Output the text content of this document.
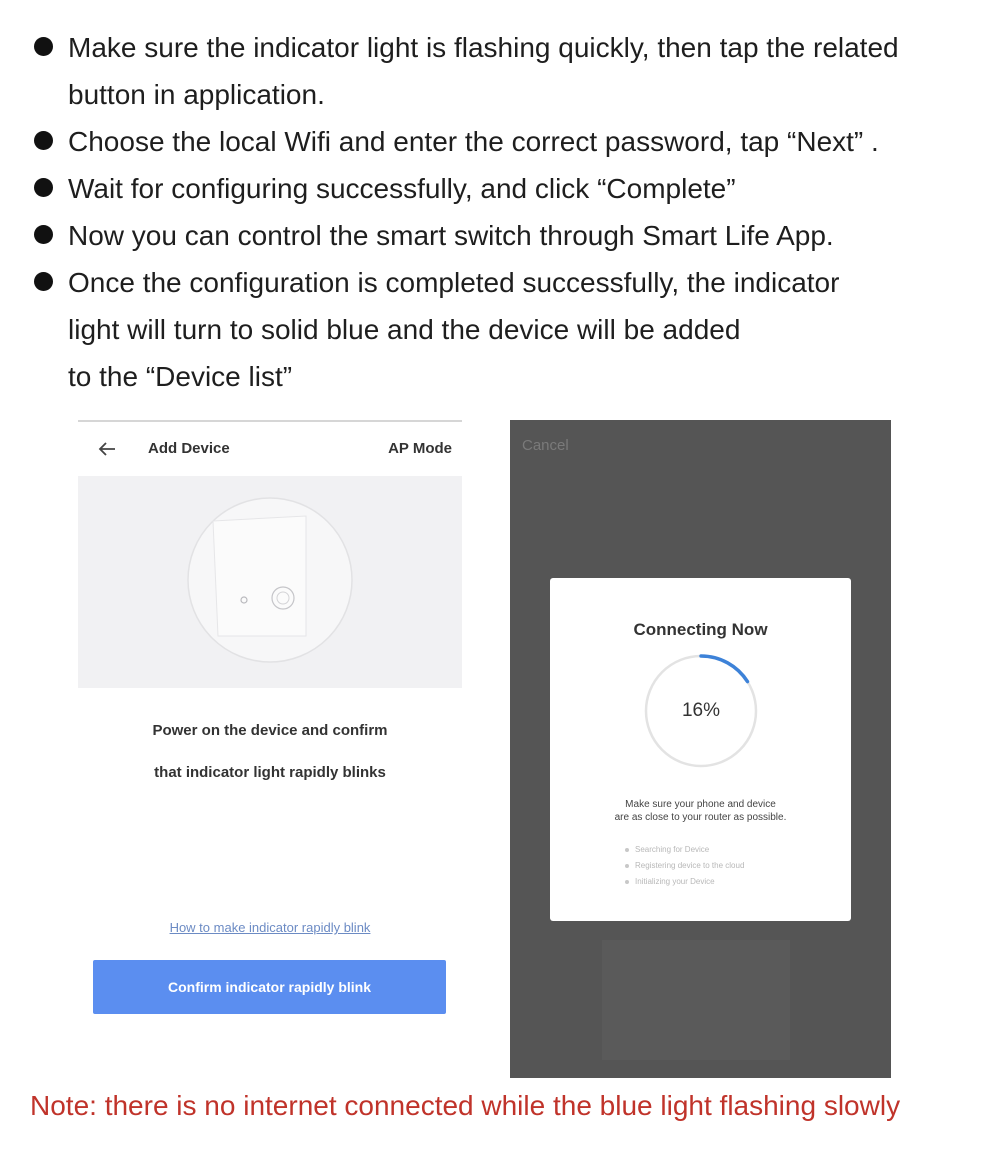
Make sure the indicator light is flashing quickly, then tap the related
button in application.
Choose the local Wifi and enter the correct password, tap “Next” .
Wait for configuring successfully, and click “Complete”
Now you can control the smart switch through Smart Life App.
Once the configuration is completed successfully, the indicator
light will turn to solid blue and the device will be added
to the “Device list”
Add Device	AP Mode
Power on the device and confirm
that indicator light rapidly blinks
How to make indicator rapidly blink
Confirm indicator rapidly blink
Cancel
Connecting Now
16%
Make sure your phone and device
are as close to your router as possible.
Searching for Device
Registering device to the cloud
Initializing your Device
Note: there is no internet connected while the blue light flashing slowly
